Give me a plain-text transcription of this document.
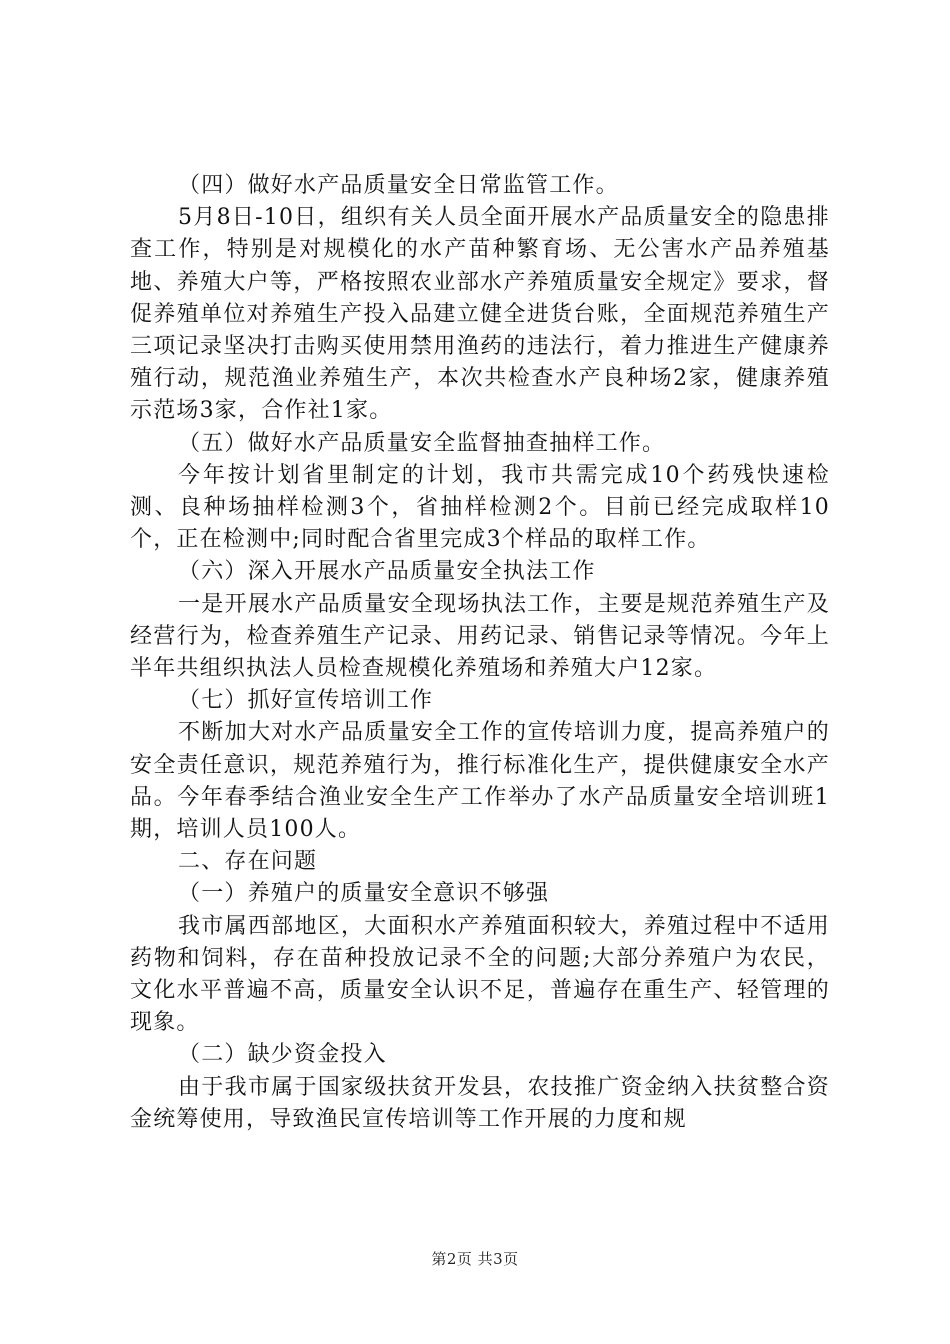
（四）做好水产品质量安全日常监管工作。

5月8日-10日，组织有关人员全面开展水产品质量安全的隐患排查工作，特别是对规模化的水产苗种繁育场、无公害水产品养殖基地、养殖大户等，严格按照农业部水产养殖质量安全规定》要求，督促养殖单位对养殖生产投入品建立健全进货台账，全面规范养殖生产三项记录坚决打击购买使用禁用渔药的违法行，着力推进生产健康养殖行动，规范渔业养殖生产，本次共检查水产良种场2家，健康养殖示范场3家，合作社1家。

（五）做好水产品质量安全监督抽查抽样工作。

今年按计划省里制定的计划，我市共需完成10个药残快速检测、良种场抽样检测3个，省抽样检测2个。目前已经完成取样10个，正在检测中;同时配合省里完成3个样品的取样工作。

（六）深入开展水产品质量安全执法工作

一是开展水产品质量安全现场执法工作，主要是规范养殖生产及经营行为，检查养殖生产记录、用药记录、销售记录等情况。今年上半年共组织执法人员检查规模化养殖场和养殖大户12家。

（七）抓好宣传培训工作

不断加大对水产品质量安全工作的宣传培训力度，提高养殖户的安全责任意识，规范养殖行为，推行标准化生产，提供健康安全水产品。今年春季结合渔业安全生产工作举办了水产品质量安全培训班1期，培训人员100人。

二、存在问题

（一）养殖户的质量安全意识不够强

我市属西部地区，大面积水产养殖面积较大，养殖过程中不适用药物和饲料，存在苗种投放记录不全的问题;大部分养殖户为农民，文化水平普遍不高，质量安全认识不足，普遍存在重生产、轻管理的现象。

（二）缺少资金投入

由于我市属于国家级扶贫开发县，农技推广资金纳入扶贫整合资金统筹使用，导致渔民宣传培训等工作开展的力度和规

第2页 共3页
